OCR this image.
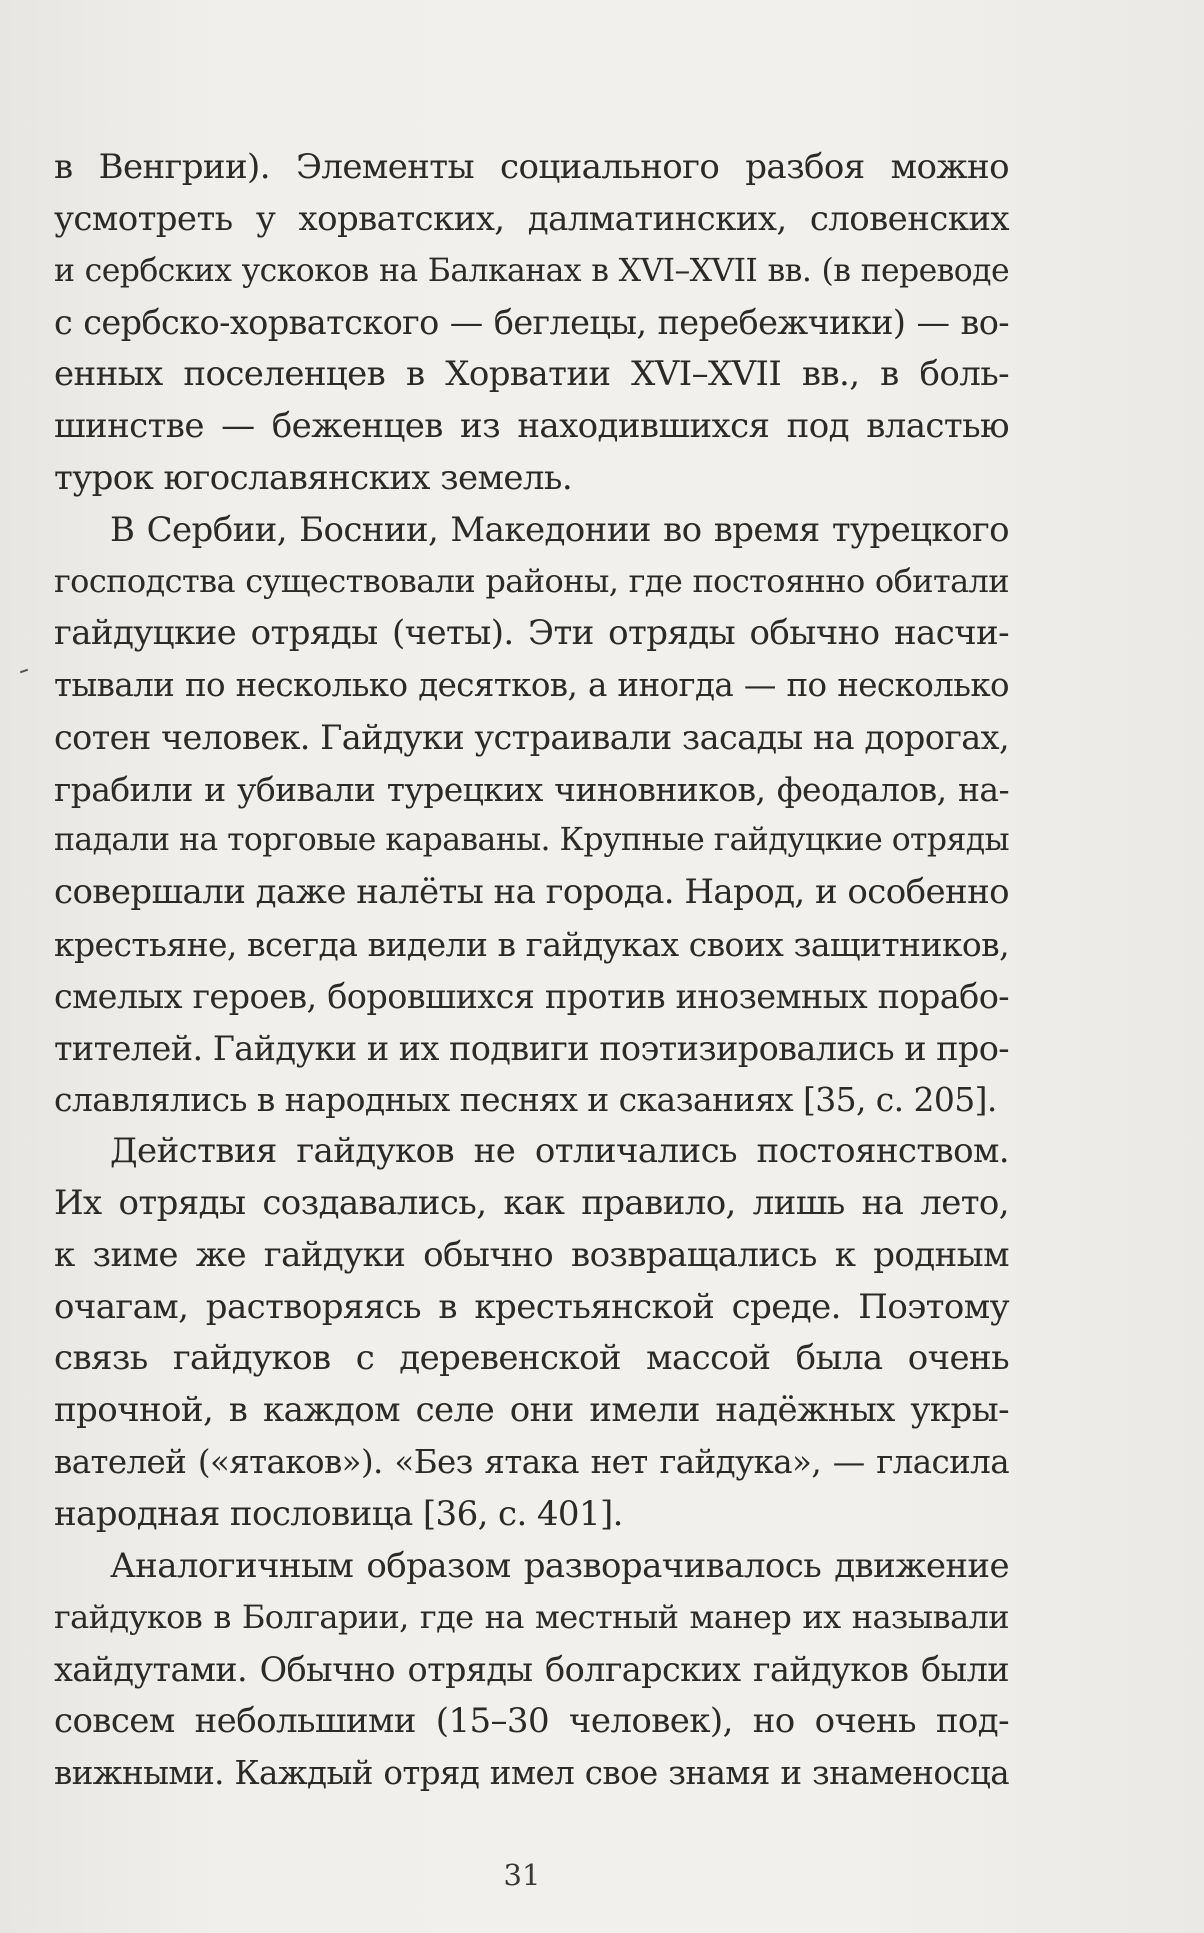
в Венгрии). Элементы социального разбоя можно
усмотреть у хорватских, далматинских, словенских
и сербских ускоков на Балканах в XVI–XVII вв. (в переводе
с сербско-хорватского — беглецы, перебежчики) — во-
енных поселенцев в Хорватии XVI–XVII вв., в боль-
шинстве — беженцев из находившихся под властью
турок югославянских земель.
В Сербии, Боснии, Македонии во время турецкого
господства существовали районы, где постоянно обитали
гайдуцкие отряды (четы). Эти отряды обычно насчи-
тывали по несколько десятков, а иногда — по несколько
сотен человек. Гайдуки устраивали засады на дорогах,
грабили и убивали турецких чиновников, феодалов, на-
падали на торговые караваны. Крупные гайдуцкие отряды
совершали даже налёты на города. Народ, и особенно
крестьяне, всегда видели в гайдуках своих защитников,
смелых героев, боровшихся против иноземных порабо-
тителей. Гайдуки и их подвиги поэтизировались и про-
славлялись в народных песнях и сказаниях [35, с. 205].
Действия гайдуков не отличались постоянством.
Их отряды создавались, как правило, лишь на лето,
к зиме же гайдуки обычно возвращались к родным
очагам, растворяясь в крестьянской среде. Поэтому
связь гайдуков с деревенской массой была очень
прочной, в каждом селе они имели надёжных укры-
вателей («ятаков»). «Без ятака нет гайдука», — гласила
народная пословица [36, с. 401].
Аналогичным образом разворачивалось движение
гайдуков в Болгарии, где на местный манер их называли
хайдутами. Обычно отряды болгарских гайдуков были
совсем небольшими (15–30 человек), но очень под-
вижными. Каждый отряд имел свое знамя и знаменосца
31
